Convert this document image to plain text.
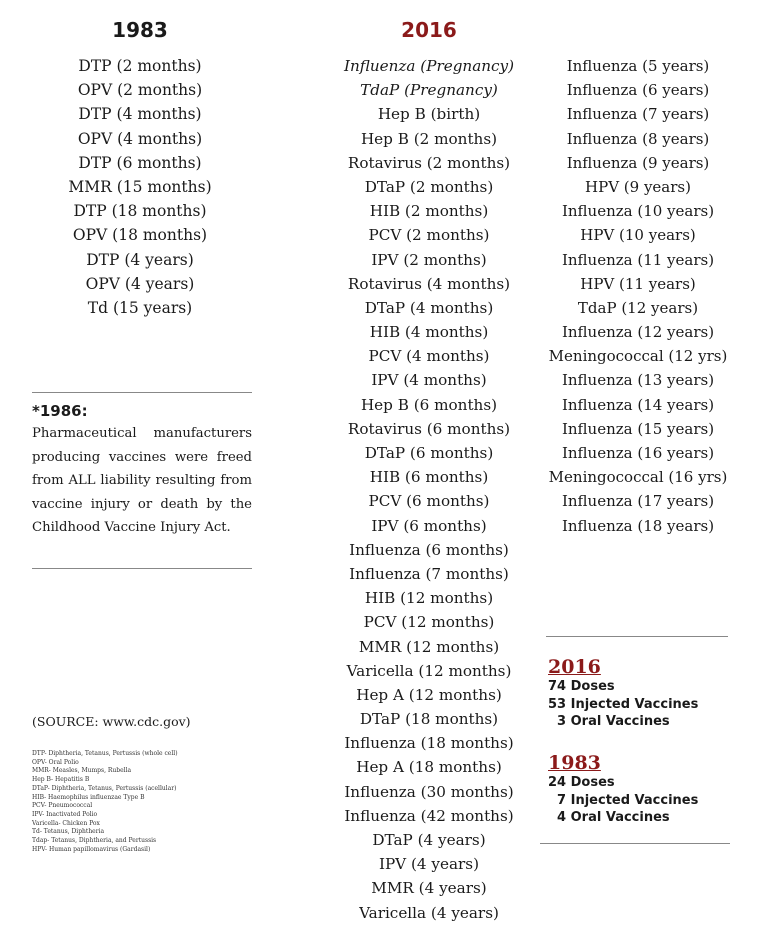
1983
DTP (2 months)
OPV (2 months)
DTP (4 months)
OPV (4 months)
DTP (6 months)
MMR (15 months)
DTP (18 months)
OPV (18 months)
DTP (4 years)
OPV (4 years)
Td (15 years)
2016
Influenza (Pregnancy)
TdaP (Pregnancy)
Hep B (birth)
Hep B (2 months)
Rotavirus (2 months)
DTaP (2 months)
HIB (2 months)
PCV (2 months)
IPV (2 months)
Rotavirus (4 months)
DTaP (4 months)
HIB (4 months)
PCV (4 months)
IPV (4 months)
Hep B (6 months)
Rotavirus (6 months)
DTaP (6 months)
HIB (6 months)
PCV (6 months)
IPV (6 months)
Influenza (6 months)
Influenza (7 months)
HIB (12 months)
PCV (12 months)
MMR (12 months)
Varicella (12 months)
Hep A (12 months)
DTaP (18 months)
Influenza (18 months)
Hep A (18 months)
Influenza (30 months)
Influenza (42 months)
DTaP (4 years)
IPV (4 years)
MMR (4 years)
Varicella (4 years)
Influenza (5 years)
Influenza (6 years)
Influenza (7 years)
Influenza (8 years)
Influenza (9 years)
HPV (9 years)
Influenza (10 years)
HPV (10 years)
Influenza (11 years)
HPV (11 years)
TdaP (12 years)
Influenza (12 years)
Meningococcal (12 yrs)
Influenza (13 years)
Influenza (14 years)
Influenza (15 years)
Influenza (16 years)
Meningococcal (16 yrs)
Influenza (17 years)
Influenza (18 years)

*1986:

Pharmaceutical manufacturers producing vaccines were freed from ALL liability resulting from vaccine injury or death by the Childhood Vaccine Injury Act.

(SOURCE: www.cdc.gov)
DTP- Diphtheria, Tetanus, Pertussis (whole cell)
OPV- Oral Polio
MMR- Measles, Mumps, Rubella
Hep B- Hepatitis B
DTaP- Diphtheria, Tetanus, Pertussis (acellular)
HIB- Haemophilus influenzae Type B
PCV- Pneumococcal
IPV- Inactivated Polio
Varicella- Chicken Pox
Td- Tetanus, Diphtheria
Tdap- Tetanus, Diphtheria, and Pertussis
HPV- Human papillomavirus (Gardasil)

2016

74 Doses
53 Injected Vaccines
3 Oral Vaccines

1983

24 Doses
7 Injected Vaccines
4 Oral Vaccines
